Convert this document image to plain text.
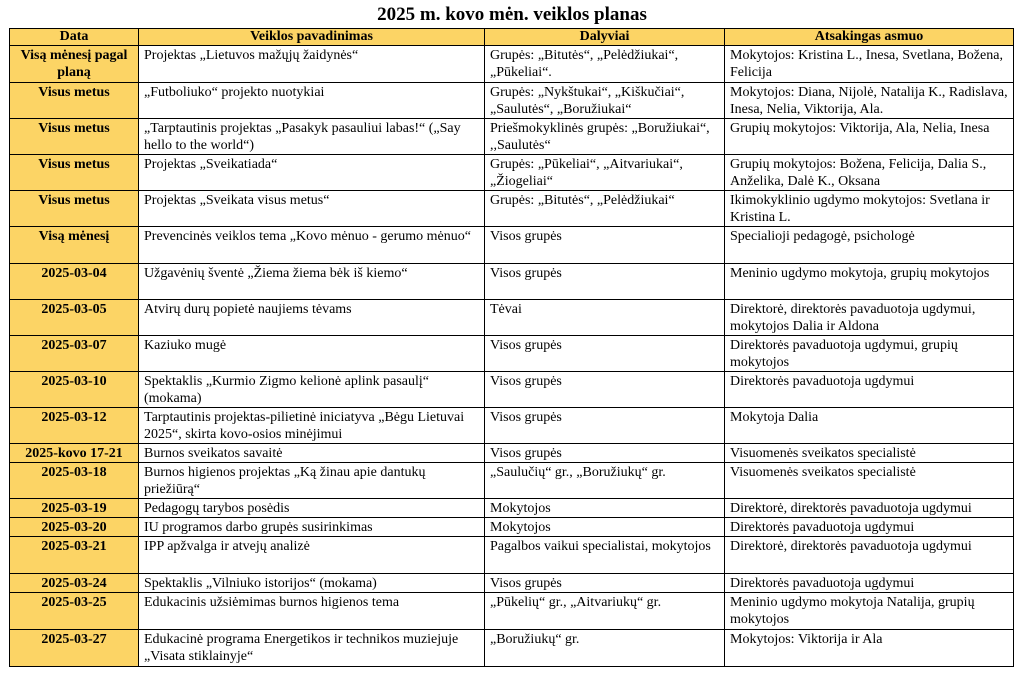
2025 m. kovo mėn. veiklos planas
Data	Veiklos pavadinimas	Dalyviai	Atsakingas asmuo
Visą mėnesį pagal planą	Projektas „Lietuvos mažųjų žaidynės“	Grupės: „Bitutės“, „Pelėdžiukai“, „Pūkeliai“.	Mokytojos: Kristina L., Inesa, Svetlana, Božena, Felicija
Visus metus	„Futboliuko“ projekto nuotykiai	Grupės: „Nykštukai“, „Kiškučiai“, „Saulutės“, „Boružiukai“	Mokytojos: Diana, Nijolė, Natalija K., Radislava, Inesa, Nelia, Viktorija, Ala.
Visus metus	„Tarptautinis projektas „Pasakyk pasauliui labas!“ („Say hello to the world“)	Priešmokyklinės grupės: „Boružiukai“, ,,Saulutės“	Grupių mokytojos: Viktorija, Ala, Nelia, Inesa
Visus metus	Projektas „Sveikatiada“	Grupės: „Pūkeliai“, „Aitvariukai“, „Žiogeliai“	Grupių mokytojos: Božena, Felicija, Dalia S., Anželika, Dalė K., Oksana
Visus metus	Projektas „Sveikata visus metus“	Grupės: „Bitutės“, „Pelėdžiukai“	Ikimokyklinio ugdymo mokytojos: Svetlana ir Kristina L.
Visą mėnesį	Prevencinės veiklos tema „Kovo mėnuo - gerumo mėnuo“	Visos grupės	Specialioji pedagogė, psichologė
2025-03-04	Užgavėnių šventė „Žiema žiema bėk iš kiemo“	Visos grupės	Meninio ugdymo mokytoja, grupių mokytojos
2025-03-05	Atvirų durų popietė naujiems tėvams	Tėvai	Direktorė, direktorės pavaduotoja ugdymui, mokytojos Dalia ir Aldona
2025-03-07	Kaziuko mugė	Visos grupės	Direktorės pavaduotoja ugdymui, grupių mokytojos
2025-03-10	Spektaklis „Kurmio Zigmo kelionė aplink pasaulį“ (mokama)	Visos grupės	Direktorės pavaduotoja ugdymui
2025-03-12	Tarptautinis projektas-pilietinė iniciatyva „Bėgu Lietuvai 2025“, skirta kovo-osios minėjimui	Visos grupės	Mokytoja Dalia
2025-kovo 17-21	Burnos sveikatos savaitė	Visos grupės	Visuomenės sveikatos specialistė
2025-03-18	Burnos higienos projektas „Ką žinau apie dantukų priežiūrą“	„Saulučių“ gr., „Boružiukų“ gr.	Visuomenės sveikatos specialistė
2025-03-19	Pedagogų tarybos posėdis	Mokytojos	Direktorė, direktorės pavaduotoja ugdymui
2025-03-20	IU programos darbo grupės susirinkimas	Mokytojos	Direktorės pavaduotoja ugdymui
2025-03-21	IPP apžvalga ir atvejų analizė	Pagalbos vaikui specialistai, mokytojos	Direktorė, direktorės pavaduotoja ugdymui
2025-03-24	Spektaklis „Vilniuko istorijos“ (mokama)	Visos grupės	Direktorės pavaduotoja ugdymui
2025-03-25	Edukacinis užsiėmimas burnos higienos tema	„Pūkelių“ gr., „Aitvariukų“ gr.	Meninio ugdymo mokytoja Natalija, grupių mokytojos
2025-03-27	Edukacinė programa Energetikos ir technikos muziejuje „Visata stiklainyje“	„Boružiukų“ gr.	Mokytojos: Viktorija ir Ala
